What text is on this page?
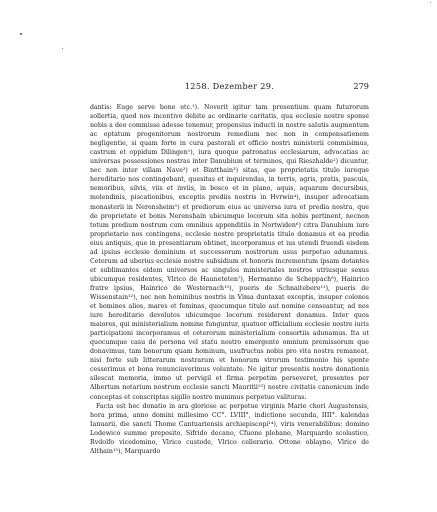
1258. Dezember 29.	279

dantis: Euge serve bone etc.¹). Noverit igitur tam presentium quam futurorum sollertia, quod nos incentivo debite ac ordinarie caritatis, qua ecclesie nostre sponse nobis a deo commisse adesse tenemur, propensius inducti in nostre salutis augmentum ac optatum progenitorum nostrorum remedium nec non in compensationem negligentie, si quam forte in cura pastorali et officio nostri ministerii commisimus, castrum et oppidum Dilingen¹), iura quoque patronatus ecclesiarum, advocatias ac universas possessiones nostras inter Danubium et terminos, qui Rieszhalde²) dicuntur, nec non inter villam Nave²) et Bintthain³) sitas, que proprietatis titulo iureque hereditario nos contingebant, quesitas et inquirendas, in terris, agris, pratis, pascuis, nemoribus, silvis, viis et inviis, in bosco et in plano, aquis, aquarum decursibus, molendinis, piscationibus, exceptis prediis nostris in Hvrwin⁴), insuper advocatiam monasterii in Nerensheim⁵) et prediorum eius ac universa iura et predia nostra, que de proprietate et bonis Nerenshain ubicumque locorum sita nobis pertinent, necnon totum predium nostrum cum omnibus appenditiis in Nortwiden⁶) citra Danubium iure proprietario nos contingens, ecclesie nostre proprietatis titulo donamus et ea predia eius antiquis, que in presentiarum obtinet, incorporamus et ius utendi fruendi eisdem ad ipsius ecclesie dominium et successorum nostrorum usus perpetuo adunamus. Ceterum ad uberius ecclesie nostre subsidium et honoris incrementum ipsam dotantes et sublimantes eidem universos ac singulos ministeriales nostros utriusque sexus ubicumque residentes, Vlrico de Hauneteten⁷), Hermanno de Scheppach⁸), Hainrico fratre ipsius, Hainrico de Westernach¹⁰), pueris de Schnaitebere¹¹), pueris de Wissenstain¹²), nec non hominibus nostris in Vima duntaxat exceptis, insuper colonos et homines alios, mares et feminas, quocumque titulo aut nomine censeantur, ad nos iure hereditario devolutos ubicumque locorum residerent donamus. Inter quos maiores, qui ministerialium nomine funguntur, quatuor officialium ecclesie nostre iuris participationi incorporamus et ceterorum ministerialium consortiis adunamus. Ita ut quocumque casu de persona vel statu nostro emergente omnium premissorum que donavimus, tam bonorum quam hominum, usufructus nobis pro vita nostra remaneat, nisi forte sub litterarum nostrarum et honorum virorum testimonio his sponte cesserimus et bona renunciaverimus voluntate. Ne igitur presentis nostre donationis silescat memoria, immo ut pervigil et firma perpetim perseveret, presentes per Albertum notarium nostrum ecclesie sancti Mauritii¹³) nostre civitatis canonicum inde conceptas et conscriptas sigillo nostro munimus perpetuo valituras.

Facta est hec donatio in ara gloriose ac perpetue virginis Marie chori Augustensis, hora prima, anno domini millesimo CC°. LVIII°, indictione secunda, IIII°. kalendas Ianuarii, die sancti Thome Cantuariensis archiepiscopi¹⁴), viris venerabilibus: domino Lodewico summo preposito, Sifrido decano, Cfuone plebano, Marquardo scolastico, Rvdolfo vicedomino, Vlrico custode, Vlrico cellerario. Ottone oblayno, Vlrico de Althain¹⁵), Marquardo
